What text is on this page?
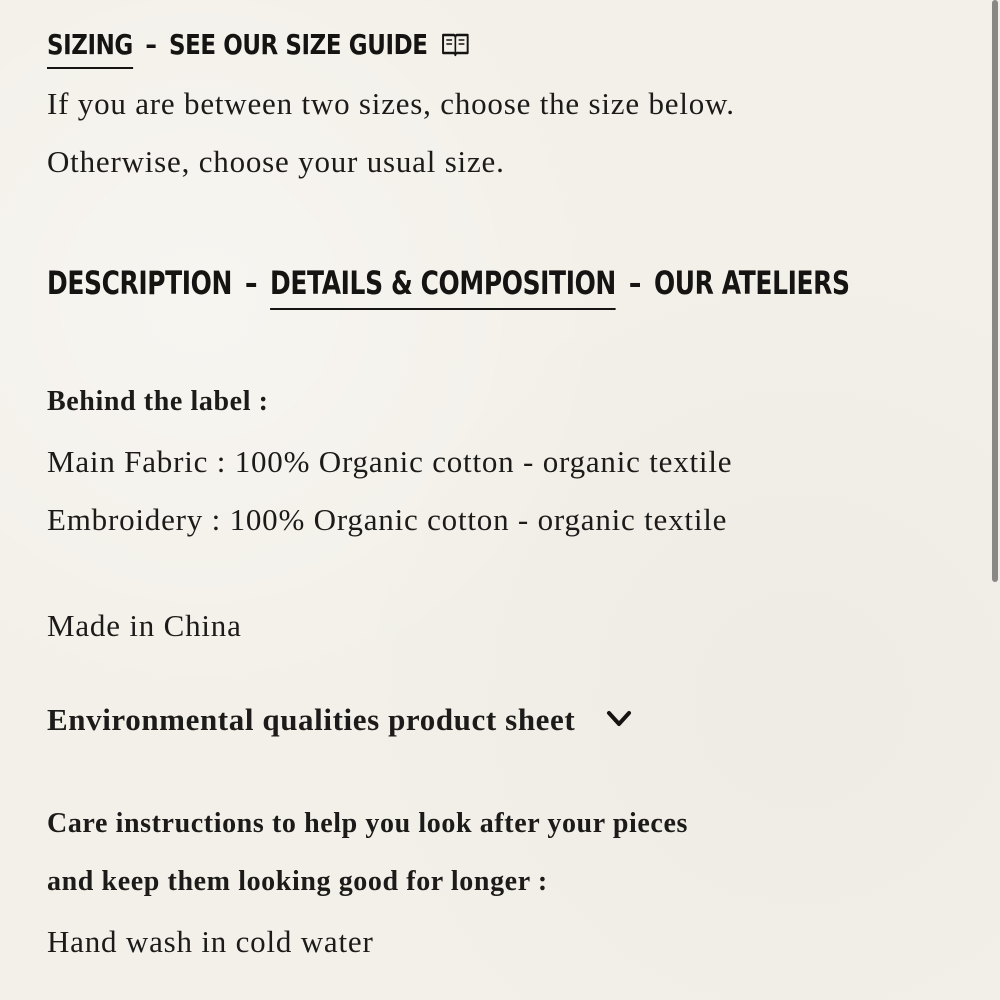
SIZING – SEE OUR SIZE GUIDE
If you are between two sizes, choose the size below.
Otherwise, choose your usual size.
DESCRIPTION – DETAILS & COMPOSITION – OUR ATELIERS
Behind the label :
Main Fabric : 100% Organic cotton - organic textile
Embroidery : 100% Organic cotton - organic textile
Made in China
Environmental qualities product sheet
Care instructions to help you look after your pieces
and keep them looking good for longer :
Hand wash in cold water
